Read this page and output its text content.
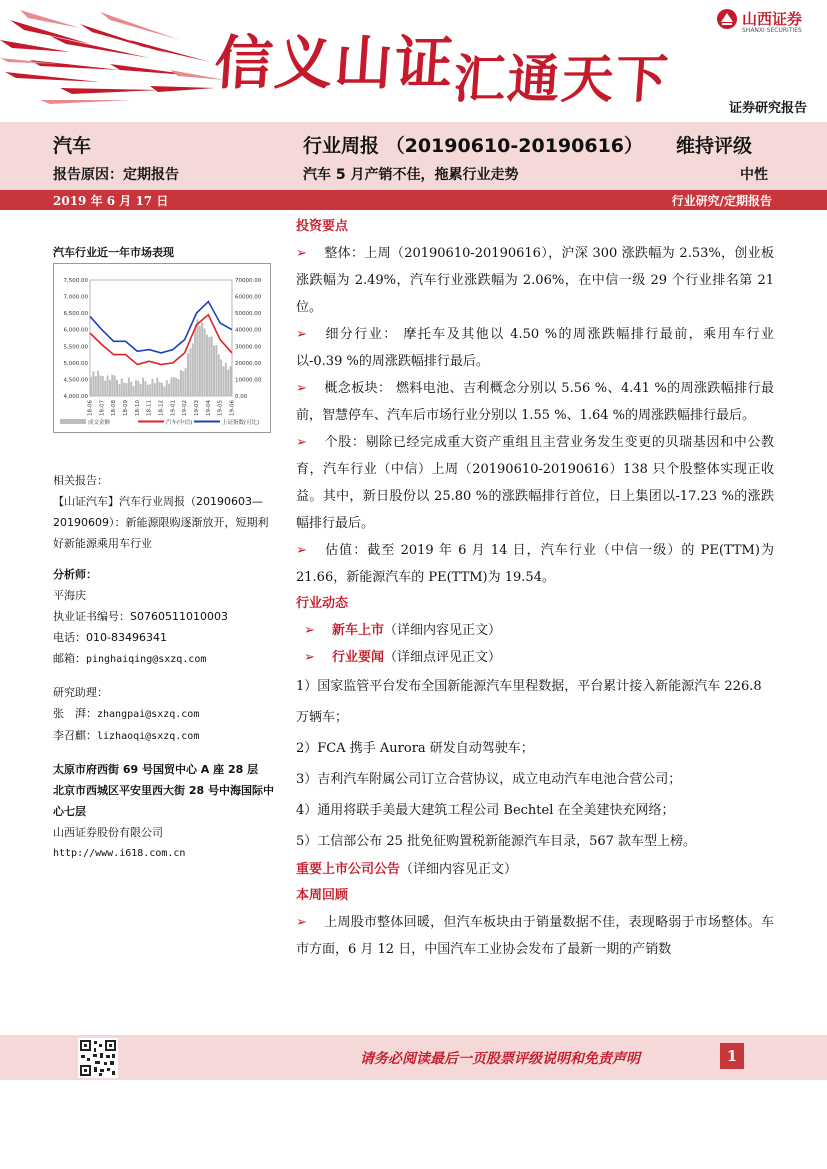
信义山证汇通天下
山西证券
SHANXI SECURITIES
证券研究报告
汽车	行业周报 （20190610-20190616） 维持评级
报告原因：定期报告	汽车 5 月产销不佳，拖累行业走势	中性
2019 年 6 月 17 日	行业研究/定期报告
汽车行业近一年市场表现
7,500.00
7,000.00
6,500.00
6,000.00
5,500.00
5,000.00
4,500.00
4,000.00
70000.00
60000.00
50000.00
40000.00
30000.00
20000.00
10000.00
0.00
18-06 18-07 18-08 18-09 18-10 18-11 18-12 19-01 19-02 19-03 19-04 19-05 19-06
成交金额	汽车(中信)	上证指数(可比)

相关报告：

【山证汽车】汽车行业周报（20190603—20190609）：新能源限购逐渐放开，短期利好新能源乘用车行业

分析师：

平海庆

执业证书编号：S0760511010003

电话：010-83496341

邮箱：pinghaiqing@sxzq.com

研究助理：

张　湃：zhangpai@sxzq.com

李召麒：lizhaoqi@sxzq.com

太原市府西街 69 号国贸中心 A 座 28 层

北京市西城区平安里西大街 28 号中海国际中心七层

山西证券股份有限公司

http://www.i618.com.cn

投资要点

➢ 整体：上周（20190610-20190616），沪深 300 涨跌幅为 2.53%，创业板涨跌幅为 2.49%，汽车行业涨跌幅为 2.06%，在中信一级 29 个行业排名第 21 位。

➢ 细分行业： 摩托车及其他以 4.50 %的周涨跌幅排行最前，乘用车行业以-0.39 %的周涨跌幅排行最后。

➢ 概念板块： 燃料电池、吉利概念分别以 5.56 %、4.41 %的周涨跌幅排行最前，智慧停车、汽车后市场行业分别以 1.55 %、1.64 %的周涨跌幅排行最后。

➢ 个股：剔除已经完成重大资产重组且主营业务发生变更的贝瑞基因和中公教育，汽车行业（中信）上周（20190610-20190616）138 只个股整体实现正收益。其中，新日股份以 25.80 %的涨跌幅排行首位，日上集团以-17.23 %的涨跌幅排行最后。

➢ 估值：截至 2019 年 6 月 14 日，汽车行业（中信一级）的 PE(TTM)为 21.66，新能源汽车的 PE(TTM)为 19.54。

行业动态

➢ 新车上市（详细内容见正文）

➢ 行业要闻（详细点评见正文）

1）国家监管平台发布全国新能源汽车里程数据，平台累计接入新能源汽车 226.8 万辆车；

2）FCA 携手 Aurora 研发自动驾驶车；

3）吉利汽车附属公司订立合营协议，成立电动汽车电池合营公司；

4）通用将联手美最大建筑工程公司 Bechtel 在全美建快充网络；

5）工信部公布 25 批免征购置税新能源汽车目录，567 款车型上榜。

重要上市公司公告（详细内容见正文）
本周回顾

➢ 上周股市整体回暖，但汽车板块由于销量数据不佳，表现略弱于市场整体。车市方面，6 月 12 日，中国汽车工业协会发布了最新一期的产销数

请务必阅读最后一页股票评级说明和免责声明	1
